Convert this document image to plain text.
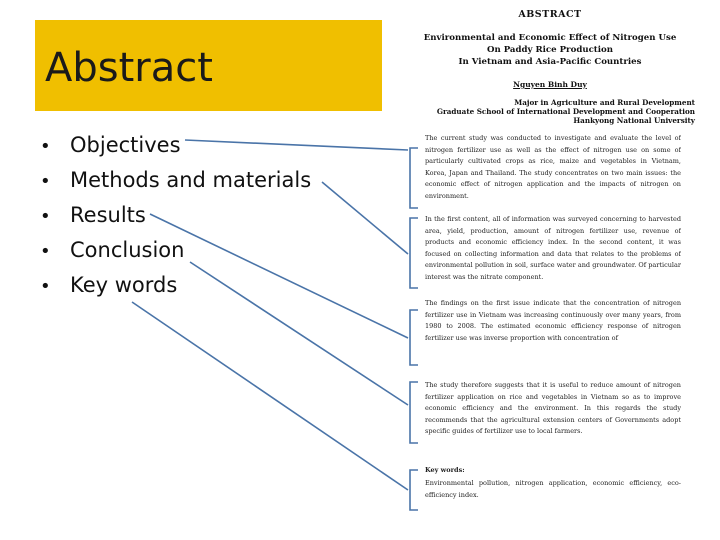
Abstract
• Objectives
• Methods and materials
• Results
• Conclusion
• Key words
ABSTRACT
Environmental and Economic Effect of Nitrogen Use
On Paddy Rice Production
In Vietnam and Asia-Pacific Countries
Nguyen Binh Duy
Major in Agriculture and Rural Development
Graduate School of International Development and Cooperation
Hankyong National University
The current study was conducted to investigate and evaluate the level of nitrogen fertilizer use as well as the effect of nitrogen use on some of particularly cultivated crops as rice, maize and vegetables in Vietnam, Korea, Japan and Thailand. The study concentrates on two main issues: the economic effect of nitrogen application and the impacts of nitrogen on environment.
In the first content, all of information was surveyed concerning to harvested area, yield, production, amount of nitrogen fertilizer use, revenue of products and economic efficiency index. In the second content, it was focused on collecting information and data that relates to the problems of environmental pollution in soil, surface water and groundwater. Of particular interest was the nitrate component.
The findings on the first issue indicate that the concentration of nitrogen fertilizer use in Vietnam was increasing continuously over many years, from 1980 to 2008. The estimated economic efficiency response of nitrogen fertilizer use was inverse proportion with concentration of
The study therefore suggests that it is useful to reduce amount of nitrogen fertilizer application on rice and vegetables in Vietnam so as to improve economic efficiency and the environment. In this regards the study recommends that the agricultural extension centers of Governments adopt specific guides of fertilizer use to local farmers.
Key words:
Environmental pollution, nitrogen application, economic efficiency, eco-efficiency index.
